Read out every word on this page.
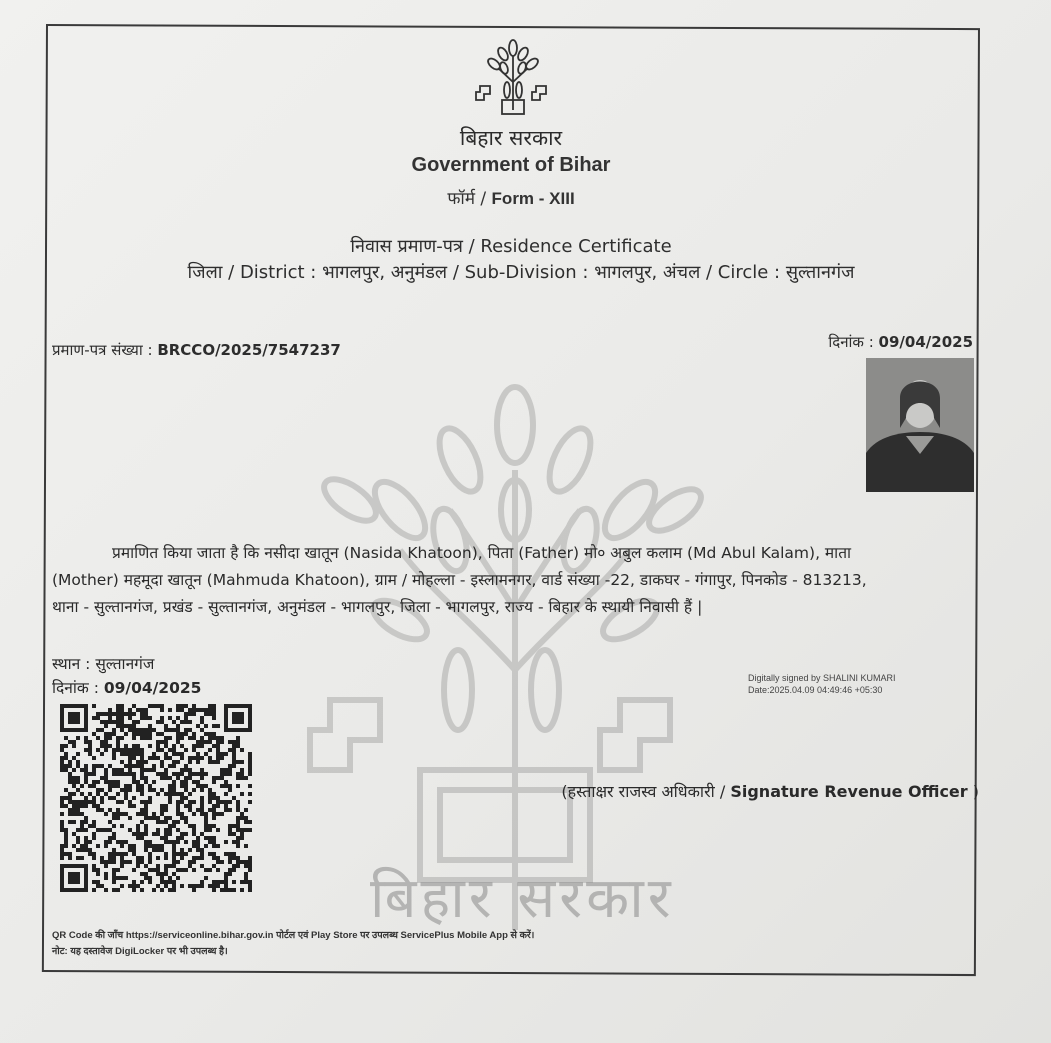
बिहार सरकार
बिहार सरकार
Government of Bihar
फॉर्म / Form - XIII
निवास प्रमाण-पत्र / Residence Certificate
जिला / District : भागलपुर, अनुमंडल / Sub-Division : भागलपुर, अंचल / Circle : सुल्तानगंज
प्रमाण-पत्र संख्या : BRCCO/2025/7547237	दिनांक : 09/04/2025
प्रमाणित किया जाता है कि नसीदा खातून (Nasida Khatoon), पिता (Father) मो० अबुल कलाम (Md Abul Kalam), माता
(Mother) महमूदा खातून (Mahmuda Khatoon), ग्राम / मोहल्ला - इस्लामनगर, वार्ड संख्या -22, डाकघर - गंगापुर, पिनकोड - 813213,
थाना - सुल्तानगंज, प्रखंड - सुल्तानगंज, अनुमंडल - भागलपुर, जिला - भागलपुर, राज्य - बिहार के स्थायी निवासी हैं |
स्थान : सुल्तानगंज
दिनांक : 09/04/2025
Digitally signed by SHALINI KUMARI
Date:2025.04.09 04:49:46 +05:30
(हस्ताक्षर राजस्व अधिकारी / Signature Revenue Officer )
QR Code की जाँच https://serviceonline.bihar.gov.in पोर्टल एवं Play Store पर उपलब्ध ServicePlus Mobile App से करें।
नोट: यह दस्तावेज DigiLocker पर भी उपलब्ध है।
